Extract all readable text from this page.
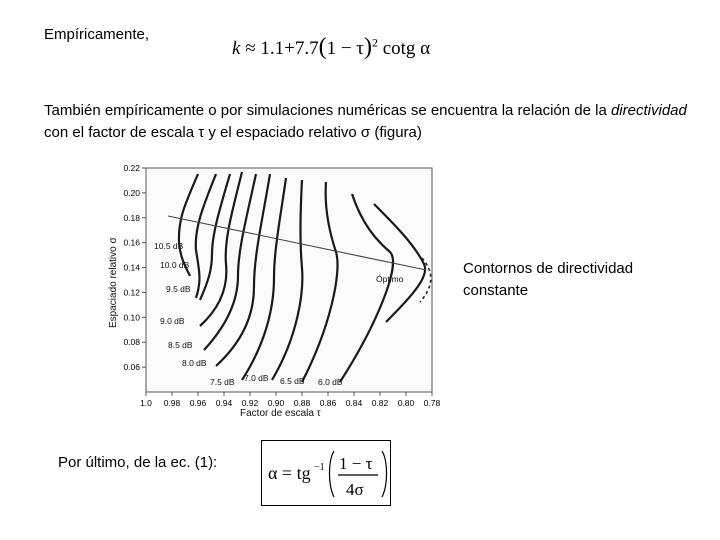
Empíricamente,
$k \approx 1.1+7.7(1 - \tau)^2$ cotg α
También empíricamente o por simulaciones numéricas se encuentra la relación de la directividad con el factor de escala τ y el espaciado relativo σ (figura)
1.0 0.98 0.96 0.94 0.92 0.90 0.88 0.86 0.84 0.82 0.80 0.78
0.22
0.20
0.18
0.16
0.14
0.12
0.10
0.08
0.06
10.5 dB
10.0 dB
9.5 dB
9.0 dB
8.5 dB
8.0 dB
7.5 dB 7.0 dB 6.5 dB 6.0 dB
Óptimo
Factor de escala τ
Espaciado relativo σ	Contornos de directividad constante
Por último, de la ec. (1):
α = tg −1 1 − τ
4σ
